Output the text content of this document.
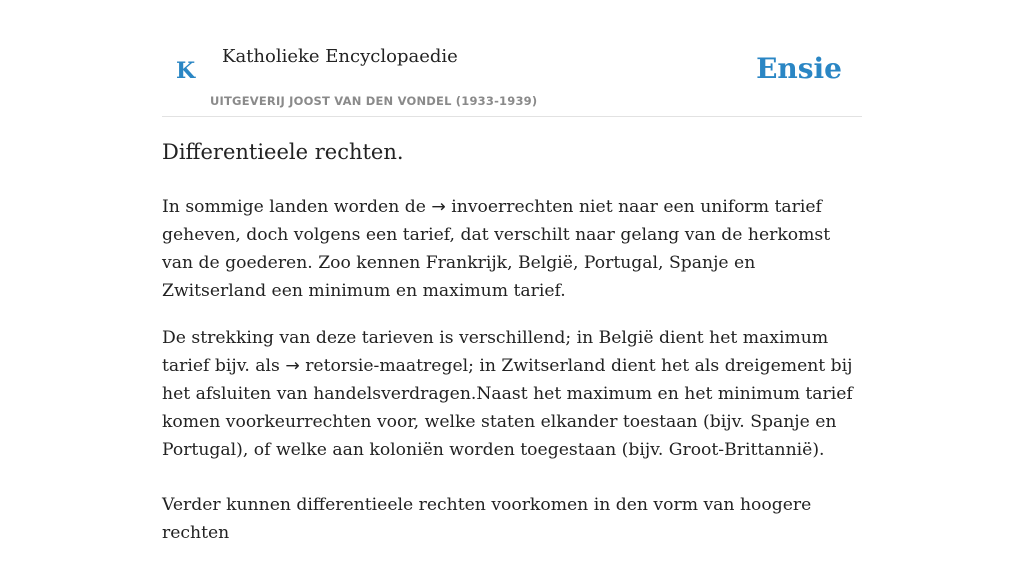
K
Katholieke Encyclopaedie
UITGEVERIJ JOOST VAN DEN VONDEL (1933-1939)
Ensie
Differentieele rechten.

In sommige landen worden de → invoerrechten niet naar een uniform tarief geheven, doch volgens een tarief, dat verschilt naar gelang van de herkomst van de goederen. Zoo kennen Frankrijk, België, Portugal, Spanje en Zwitserland een minimum en maximum tarief.

De strekking van deze tarieven is verschillend; in België dient het maximum tarief bijv. als → retorsie-maatregel; in Zwitserland dient het als dreigement bij het afsluiten van handelsverdragen.Naast het maximum en het minimum tarief komen voorkeurrechten voor, welke staten elkander toestaan (bijv. Spanje en Portugal), of welke aan koloniën worden toegestaan (bijv. Groot-Brittannië).

Verder kunnen differentieele rechten voorkomen in den vorm van hoogere rechten
